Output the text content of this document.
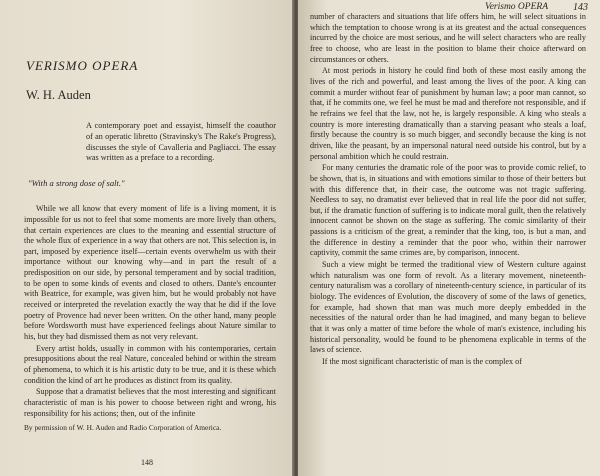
VERISMO OPERA
W. H. Auden
A contemporary poet and essayist, himself the coauthor of an operatic libretto (Stravinsky's The Rake's Progress), discusses the style of Cavalleria and Pagliacci. The essay was written as a preface to a recording.
"With a strong dose of salt."

While we all know that every moment of life is a living moment, it is impossible for us not to feel that some moments are more lively than others, that certain experiences are clues to the meaning and essential structure of the whole flux of experience in a way that others are not. This selection is, in part, imposed by experience itself—certain events overwhelm us with their importance without our knowing why—and in part the result of a predisposition on our side, by personal temperament and by social tradition, to be open to some kinds of events and closed to others. Dante's encounter with Beatrice, for example, was given him, but he would probably not have received or interpreted the revelation exactly the way that he did if the love poetry of Provence had never been written. On the other hand, many people before Wordsworth must have experienced feelings about Nature similar to his, but they had dismissed them as not very relevant.

Every artist holds, usually in common with his contemporaries, certain presuppositions about the real Nature, concealed behind or within the stream of phenomena, to which it is his artistic duty to be true, and it is these which condition the kind of art he produces as distinct from its quality.

Suppose that a dramatist believes that the most interesting and significant characteristic of man is his power to choose between right and wrong, his responsibility for his actions; then, out of the infinite

By permission of W. H. Auden and Radio Corporation of America.

148
Verismo OPERA	143

number of characters and situations that life offers him, he will select situations in which the temptation to choose wrong is at its greatest and the actual consequences incurred by the choice are most serious, and he will select characters who are really free to choose, who are least in the position to blame their choice afterward on circumstances or others.

At most periods in history he could find both of these most easily among the lives of the rich and powerful, and least among the lives of the poor. A king can commit a murder without fear of punishment by human law; a poor man cannot, so that, if he commits one, we feel he must be mad and therefore not responsible, and if he refrains we feel that the law, not he, is largely responsible. A king who steals a country is more interesting dramatically than a starving peasant who steals a loaf, firstly because the country is so much bigger, and secondly because the king is not driven, like the peasant, by an impersonal natural need outside his control, but by a personal ambition which he could restrain.

For many centuries the dramatic role of the poor was to provide comic relief, to be shown, that is, in situations and with emotions similar to those of their betters but with this difference that, in their case, the outcome was not tragic suffering. Needless to say, no dramatist ever believed that in real life the poor did not suffer, but, if the dramatic function of suffering is to indicate moral guilt, then the relatively innocent cannot be shown on the stage as suffering. The comic similarity of their passions is a criticism of the great, a reminder that the king, too, is but a man, and the difference in destiny a reminder that the poor who, within their narrower captivity, commit the same crimes are, by comparison, innocent.

Such a view might be termed the traditional view of Western culture against which naturalism was one form of revolt. As a literary movement, nineteenth-century naturalism was a corollary of nineteenth-century science, in particular of its biology. The evidences of Evolution, the discovery of some of the laws of genetics, for example, had shown that man was much more deeply embedded in the necessities of the natural order than he had imagined, and many began to believe that it was only a matter of time before the whole of man's existence, including his historical personality, would be found to be phenomena explicable in terms of the laws of science.

If the most significant characteristic of man is the complex of
